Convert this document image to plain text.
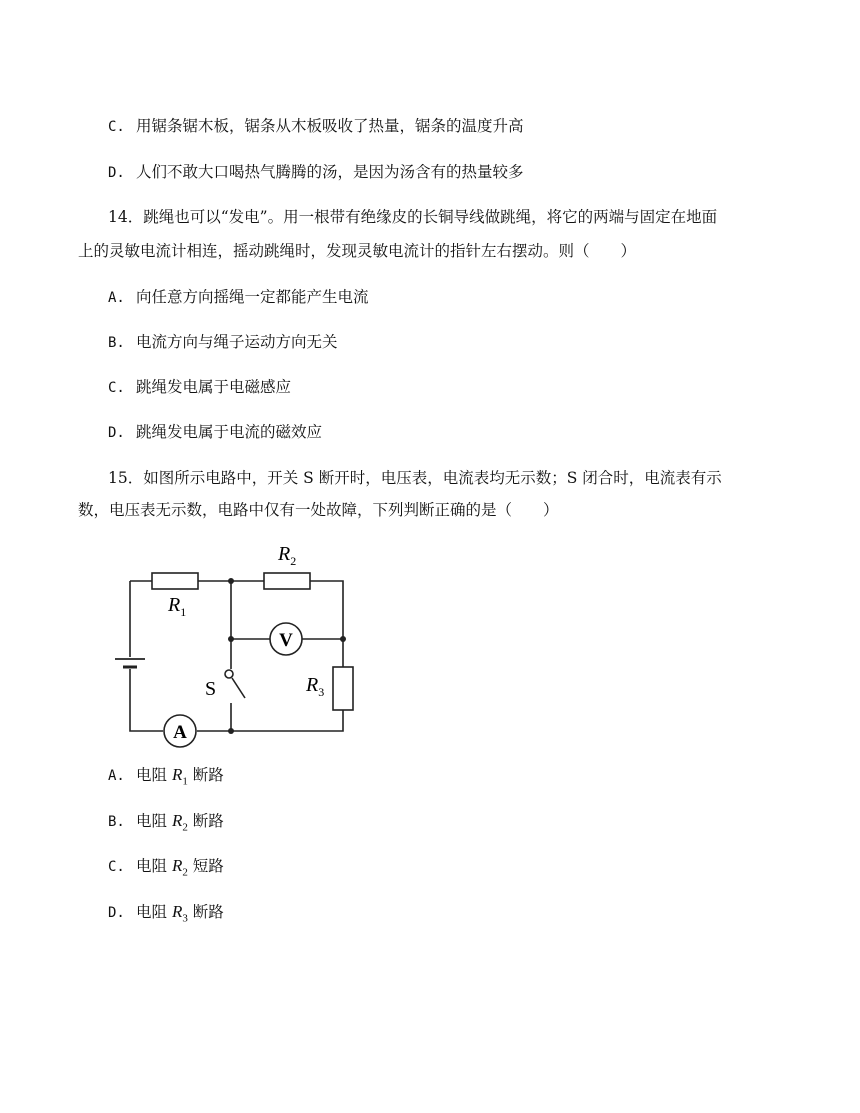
C. 用锯条锯木板，锯条从木板吸收了热量，锯条的温度升高
D. 人们不敢大口喝热气腾腾的汤，是因为汤含有的热量较多
14．跳绳也可以“发电”。用一根带有绝缘皮的长铜导线做跳绳，将它的两端与固定在地面
上的灵敏电流计相连，摇动跳绳时，发现灵敏电流计的指针左右摆动。则（　　）
A. 向任意方向摇绳一定都能产生电流
B. 电流方向与绳子运动方向无关
C. 跳绳发电属于电磁感应
D. 跳绳发电属于电流的磁效应
15．如图所示电路中，开关 S 断开时，电压表，电流表均无示数；S 闭合时，电流表有示
数，电压表无示数，电路中仅有一处故障，下列判断正确的是（　　）
$R_1$
$R_2$
$R_3$
S
V
A
A. 电阻 $R_1$ 断路
B. 电阻 $R_2$ 断路
C. 电阻 $R_2$ 短路
D. 电阻 $R_3$ 断路
